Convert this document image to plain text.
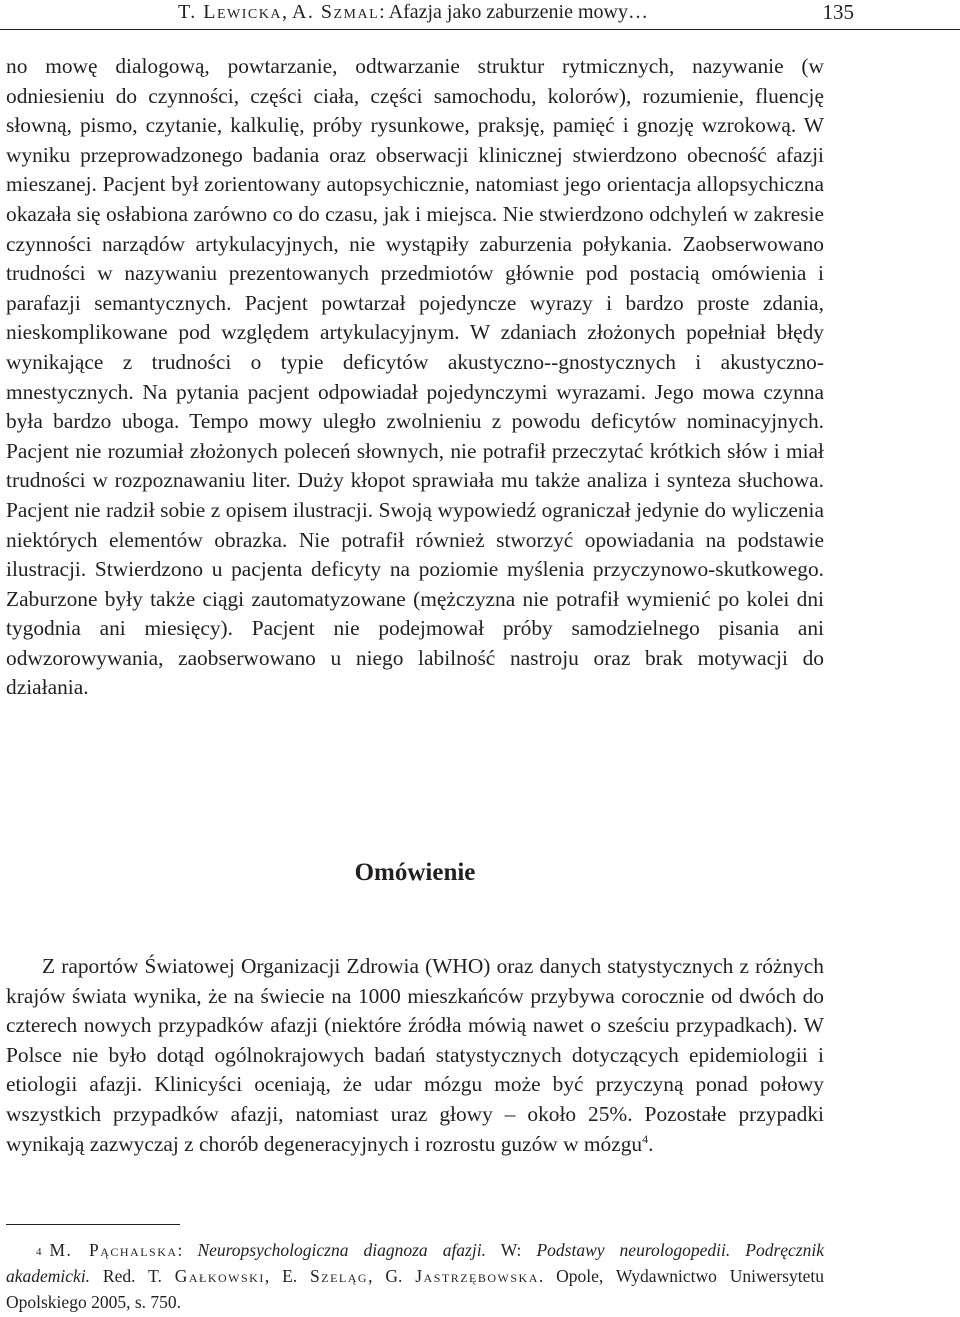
T. Lewicka, A. Szmal: Afazja jako zaburzenie mowy…	135
no mowę dialogową, powtarzanie, odtwarzanie struktur rytmicznych, nazywanie (w odniesieniu do czynności, części ciała, części samochodu, kolorów), rozumienie, fluencję słowną, pismo, czytanie, kalkulię, próby rysunkowe, praksję, pamięć i gnozję wzrokową. W wyniku przeprowadzonego badania oraz obserwacji klinicznej stwierdzono obecność afazji mieszanej. Pacjent był zorientowany autopsychicznie, natomiast jego orientacja allopsychiczna okazała się osłabiona zarówno co do czasu, jak i miejsca. Nie stwierdzono odchyleń w zakresie czynności narządów artykulacyjnych, nie wystąpiły zaburzenia połykania. Zaobserwowano trudności w nazywaniu prezentowanych przedmiotów głównie pod postacią omówienia i parafazji semantycznych. Pacjent powtarzał pojedyncze wyrazy i bardzo proste zdania, nieskomplikowane pod względem artykulacyjnym. W zdaniach złożonych popełniał błędy wynikające z trudności o typie deficytów akustyczno--gnostycznych i akustyczno-mnestycznych. Na pytania pacjent odpowiadał pojedynczymi wyrazami. Jego mowa czynna była bardzo uboga. Tempo mowy uległo zwolnieniu z powodu deficytów nominacyjnych. Pacjent nie rozumiał złożonych poleceń słownych, nie potrafił przeczytać krótkich słów i miał trudności w rozpoznawaniu liter. Duży kłopot sprawiała mu także analiza i synteza słuchowa. Pacjent nie radził sobie z opisem ilustracji. Swoją wypowiedź ograniczał jedynie do wyliczenia niektórych elementów obrazka. Nie potrafił również stworzyć opowiadania na podstawie ilustracji. Stwierdzono u pacjenta deficyty na poziomie myślenia przyczynowo-skutkowego. Zaburzone były także ciągi zautomatyzowane (mężczyzna nie potrafił wymienić po kolei dni tygodnia ani miesięcy). Pacjent nie podejmował próby samodzielnego pisania ani odwzorowywania, zaobserwowano u niego labilność nastroju oraz brak motywacji do działania.
Omówienie
Z raportów Światowej Organizacji Zdrowia (WHO) oraz danych statystycznych z różnych krajów świata wynika, że na świecie na 1000 mieszkańców przybywa corocznie od dwóch do czterech nowych przypadków afazji (niektóre źródła mówią nawet o sześciu przypadkach). W Polsce nie było dotąd ogólnokrajowych badań statystycznych dotyczących epidemiologii i etiologii afazji. Klinicyści oceniają, że udar mózgu może być przyczyną ponad połowy wszystkich przypadków afazji, natomiast uraz głowy – około 25%. Pozostałe przypadki wynikają zazwyczaj z chorób degeneracyjnych i rozrostu guzów w mózgu$^4$.
$^4$ M. Pąchalska: Neuropsychologiczna diagnoza afazji. W: Podstawy neurologopedii. Podręcznik akademicki. Red. T. Gałkowski, E. Szeląg, G. Jastrzębowska. Opole, Wydawnictwo Uniwersytetu Opolskiego 2005, s. 750.
